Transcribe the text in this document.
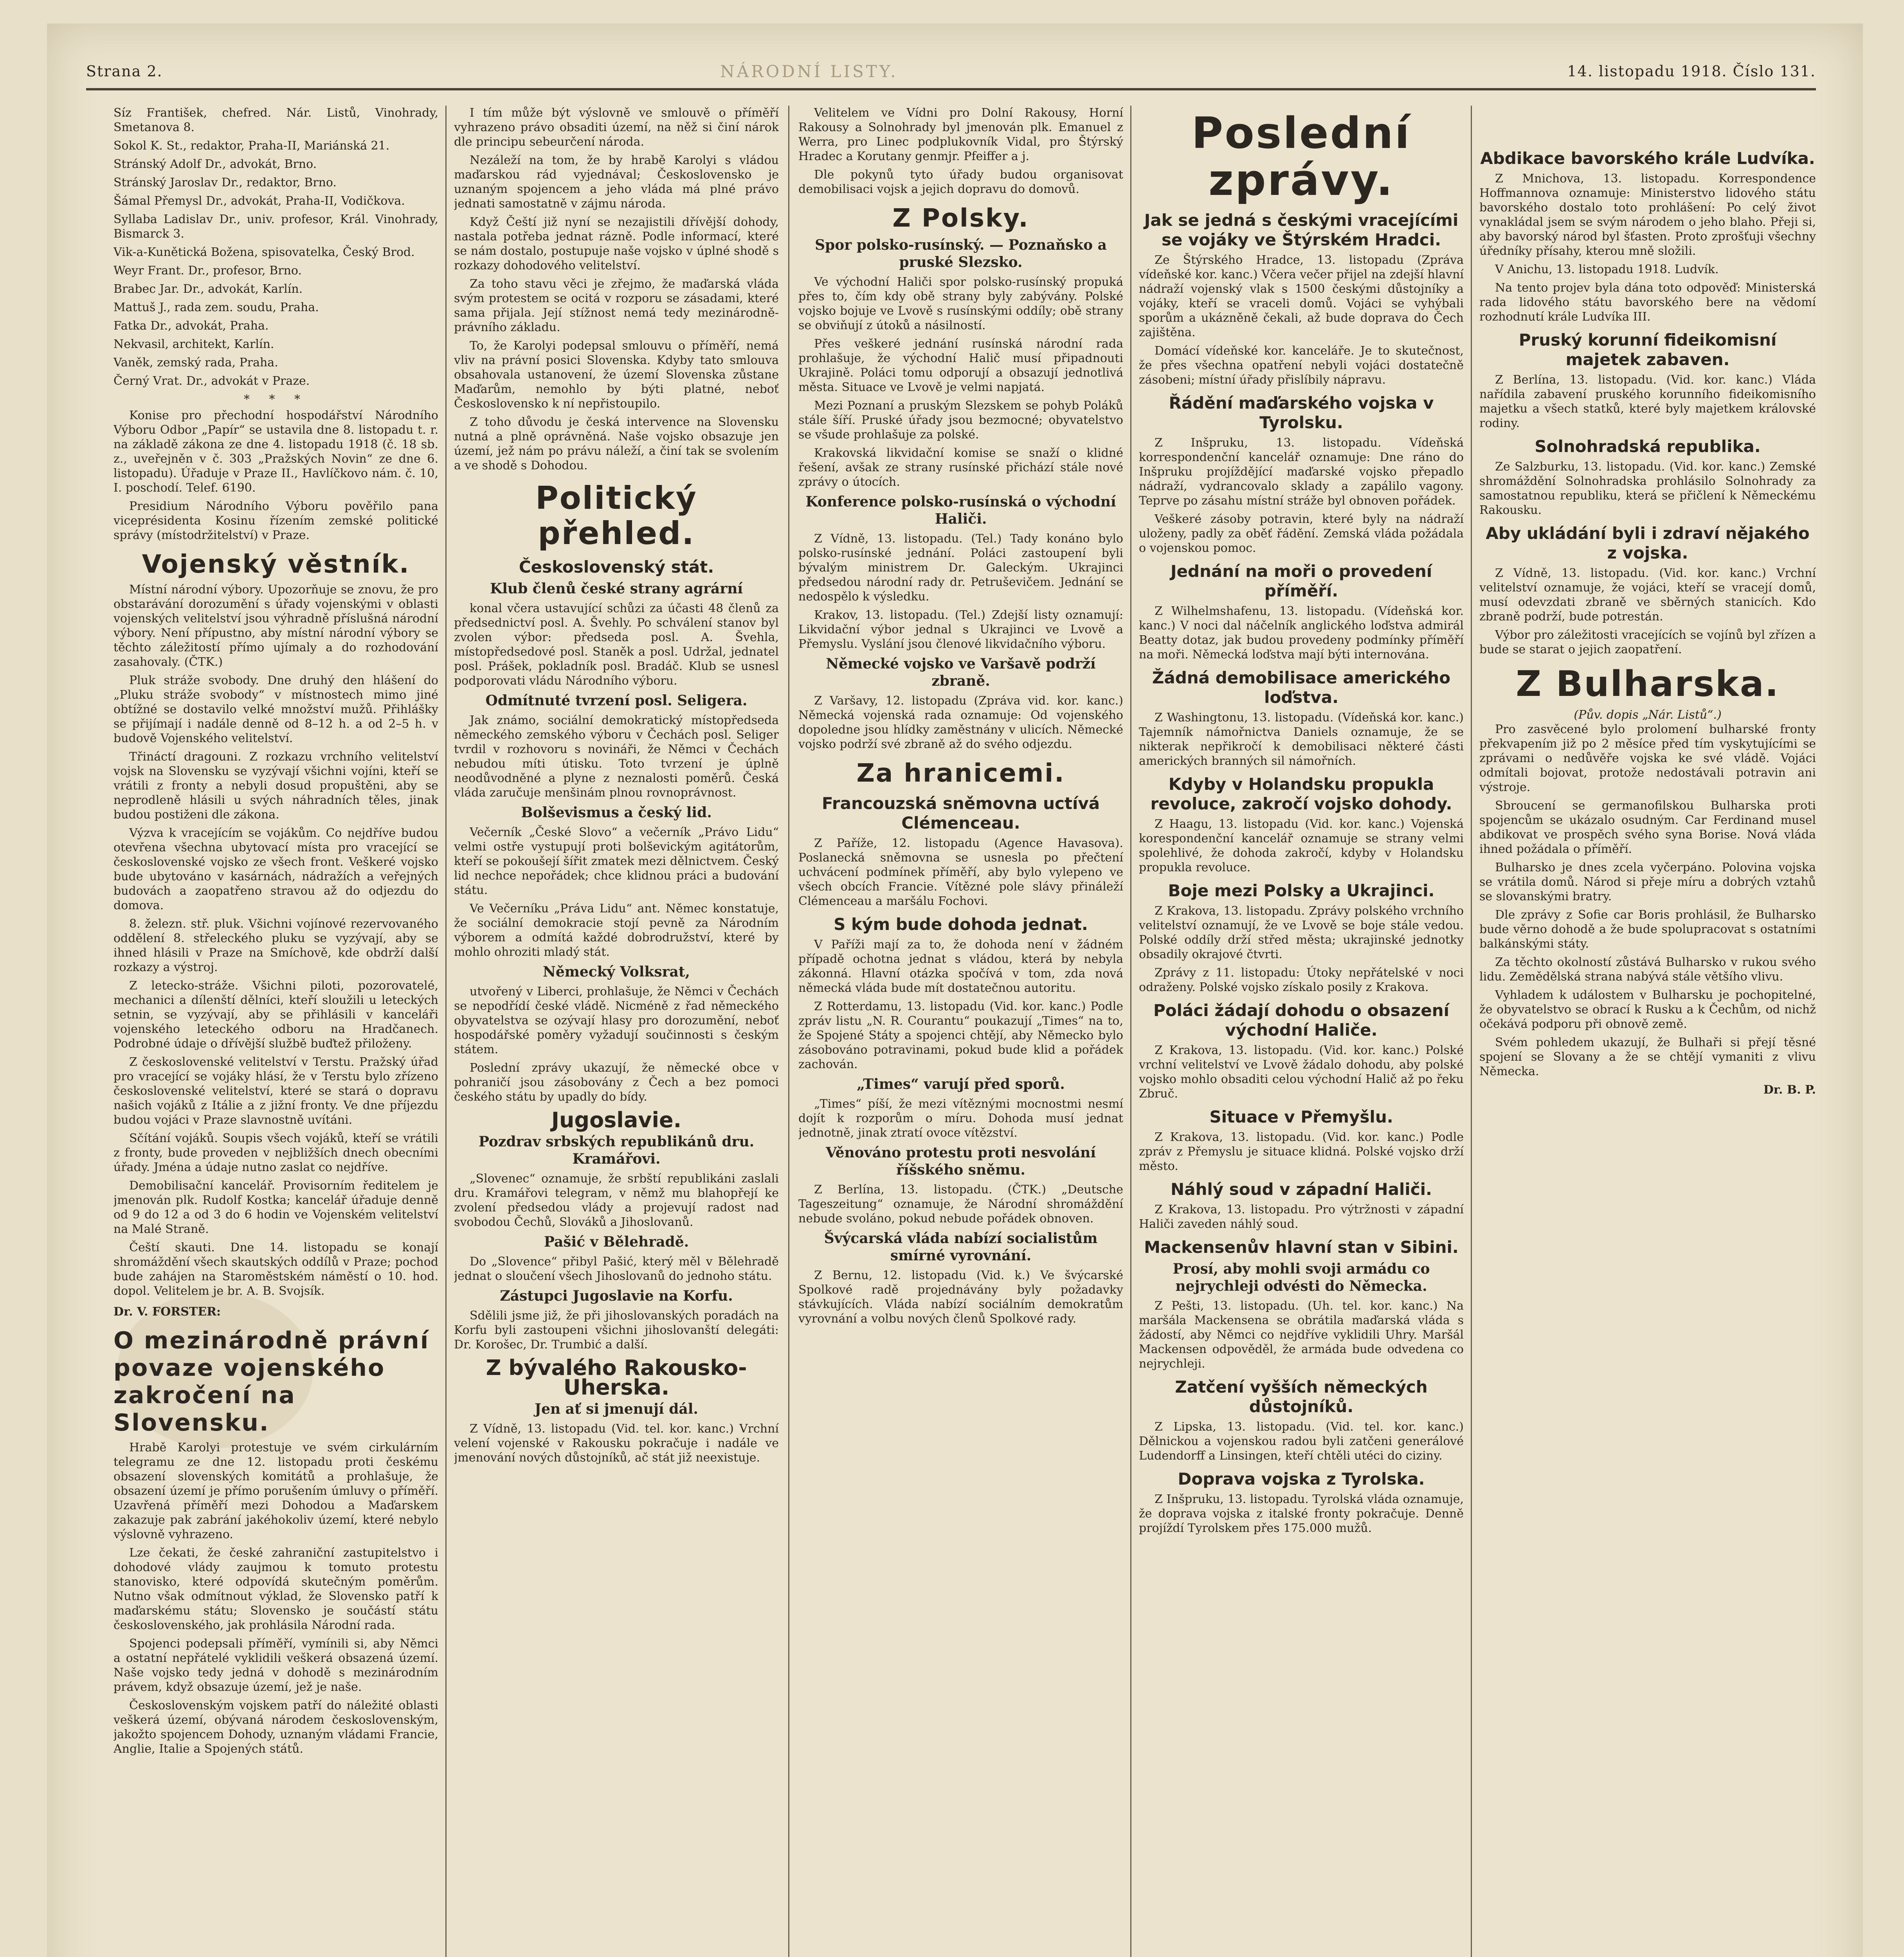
Strana 2.	NÁRODNÍ LISTY.	14. listopadu 1918. Číslo 131.

Síz František, chefred. Nár. Listů, Vinohrady, Smetanova 8.

Sokol K. St., redaktor, Praha-II, Mariánská 21.

Stránský Adolf Dr., advokát, Brno.

Stránský Jaroslav Dr., redaktor, Brno.

Šámal Přemysl Dr., advokát, Praha-II, Vodičkova.

Syllaba Ladislav Dr., univ. profesor, Král. Vinohrady, Bismarck 3.

Vik-a-Kunětická Božena, spisovatelka, Český Brod.

Weyr Frant. Dr., profesor, Brno.

Brabec Jar. Dr., advokát, Karlín.

Mattuš J., rada zem. soudu, Praha.

Fatka Dr., advokát, Praha.

Nekvasil, architekt, Karlín.

Vaněk, zemský rada, Praha.

Černý Vrat. Dr., advokát v Praze.

* * *

Konise pro přechodní hospodářství Národního Výboru Odbor „Papír“ se ustavila dne 8. listopadu t. r. na základě zákona ze dne 4. listopadu 1918 (č. 18 sb. z., uveřejněn v č. 303 „Pražských Novin“ ze dne 6. listopadu). Úřaduje v Praze II., Havlíčkovo nám. č. 10, I. poschodí. Telef. 6190.

Presidium Národního Výboru pověřilo pana viceprésidenta Kosinu řízením zemské politické správy (místodržitelství) v Praze.

Vojenský věstník.

Místní národní výbory. Upozorňuje se znovu, že pro obstarávání dorozumění s úřady vojenskými v oblasti vojenských velitelství jsou výhradně příslušná národní výbory. Není přípustno, aby místní národní výbory se těchto záležitostí přímo ujímaly a do rozhodování zasahovaly. (ČTK.)

Pluk stráže svobody. Dne druhý den hlášení do „Pluku stráže svobody“ v místnostech mimo jiné obtížné se dostavilo velké množství mužů. Přihlášky se přijímají i nadále denně od 8–12 h. a od 2–5 h. v budově Vojenského velitelství.

Třináctí dragouni. Z rozkazu vrchního velitelství vojsk na Slovensku se vyzývají všichni vojíni, kteří se vrátili z fronty a nebyli dosud propuštěni, aby se neprodleně hlásili u svých náhradních těles, jinak budou postiženi dle zákona.

Výzva k vracejícím se vojákům. Co nejdříve budou otevřena všechna ubytovací místa pro vracející se československé vojsko ze všech front. Veškeré vojsko bude ubytováno v kasárnách, nádražích a veřejných budovách a zaopatřeno stravou až do odjezdu do domova.

8. železn. stř. pluk. Všichni vojínové rezervovaného oddělení 8. střeleckého pluku se vyzývají, aby se ihned hlásili v Praze na Smíchově, kde obdrží další rozkazy a výstroj.

Z letecko-stráže. Všichni piloti, pozorovatelé, mechanici a dílenští dělníci, kteří sloužili u leteckých setnin, se vyzývají, aby se přihlásili v kanceláři vojenského leteckého odboru na Hradčanech. Podrobné údaje o dřívější službě buďtež přiloženy.

Z československé velitelství v Terstu. Pražský úřad pro vracející se vojáky hlásí, že v Terstu bylo zřízeno československé velitelství, které se stará o dopravu našich vojáků z Itálie a z jižní fronty. Ve dne příjezdu budou vojáci v Praze slavnostně uvítáni.

Sčítání vojáků. Soupis všech vojáků, kteří se vrátili z fronty, bude proveden v nejbližších dnech obecními úřady. Jména a údaje nutno zaslat co nejdříve.

Demobilisační kancelář. Provisorním ředitelem je jmenován plk. Rudolf Kostka; kancelář úřaduje denně od 9 do 12 a od 3 do 6 hodin ve Vojenském velitelství na Malé Straně.

Čeští skauti. Dne 14. listopadu se konají shromáždění všech skautských oddílů v Praze; pochod bude zahájen na Staroměstském náměstí o 10. hod. dopol. Velitelem je br. A. B. Svojsík.

Dr. V. FORSTER:
O mezinárodně právní povaze vojenského zakročení na Slovensku.

Hrabě Karolyi protestuje ve svém cirkulárním telegramu ze dne 12. listopadu proti českému obsazení slovenských komitátů a prohlašuje, že obsazení území je přímo porušením úmluvy o příměří. Uzavřená příměří mezi Dohodou a Maďarskem zakazuje pak zabrání jakéhokoliv území, které nebylo výslovně vyhrazeno.

Lze čekati, že české zahraniční zastupitelstvo i dohodové vlády zaujmou k tomuto protestu stanovisko, které odpovídá skutečným poměrům. Nutno však odmítnout výklad, že Slovensko patří k maďarskému státu; Slovensko je součástí státu československého, jak prohlásila Národní rada.

Spojenci podepsali příměří, vymínili si, aby Němci a ostatní nepřátelé vyklidili veškerá obsazená území. Naše vojsko tedy jedná v dohodě s mezinárodním právem, když obsazuje území, jež je naše.

Československým vojskem patří do náležité oblasti veškerá území, obývaná národem československým, jakožto spojencem Dohody, uznaným vládami Francie, Anglie, Italie a Spojených států.

I tím může být výslovně ve smlouvě o příměří vyhrazeno právo obsaditi území, na něž si činí nárok dle principu sebeurčení národa.

Nezáleží na tom, že by hrabě Karolyi s vládou maďarskou rád vyjednával; Československo je uznaným spojencem a jeho vláda má plné právo jednati samostatně v zájmu národa.

Když Čeští již nyní se nezajistili dřívější dohody, nastala potřeba jednat rázně. Podle informací, které se nám dostalo, postupuje naše vojsko v úplné shodě s rozkazy dohodového velitelství.

Za toho stavu věci je zřejmo, že maďarská vláda svým protestem se ocitá v rozporu se zásadami, které sama přijala. Její stížnost nemá tedy mezinárodně-právního základu.

To, že Karolyi podepsal smlouvu o příměří, nemá vliv na právní posici Slovenska. Kdyby tato smlouva obsahovala ustanovení, že území Slovenska zůstane Maďarům, nemohlo by býti platné, neboť Československo k ní nepřistoupilo.

Z toho důvodu je česká intervence na Slovensku nutná a plně oprávněná. Naše vojsko obsazuje jen území, jež nám po právu náleží, a činí tak se svolením a ve shodě s Dohodou.

Politický přehled.
Československý stát.
Klub členů české strany agrární

konal včera ustavující schůzi za účasti 48 členů za předsednictví posl. A. Švehly. Po schválení stanov byl zvolen výbor: předseda posl. A. Švehla, místopředsedové posl. Staněk a posl. Udržal, jednatel posl. Prášek, pokladník posl. Bradáč. Klub se usnesl podporovati vládu Národního výboru.

Odmítnuté tvrzení posl. Seligera.

Jak známo, sociální demokratický místopředseda německého zemského výboru v Čechách posl. Seliger tvrdil v rozhovoru s novináři, že Němci v Čechách nebudou míti útisku. Toto tvrzení je úplně neodůvodněné a plyne z neznalosti poměrů. Česká vláda zaručuje menšinám plnou rovnoprávnost.

Bolševismus a český lid.

Večerník „České Slovo“ a večerník „Právo Lidu“ velmi ostře vystupují proti bolševickým agitátorům, kteří se pokoušejí šířit zmatek mezi dělnictvem. Český lid nechce nepořádek; chce klidnou práci a budování státu.

Ve Večerníku „Práva Lidu“ ant. Němec konstatuje, že sociální demokracie stojí pevně za Národním výborem a odmítá každé dobrodružství, které by mohlo ohroziti mladý stát.

Německý Volksrat,

utvořený v Liberci, prohlašuje, že Němci v Čechách se nepodřídí české vládě. Nicméně z řad německého obyvatelstva se ozývají hlasy pro dorozumění, neboť hospodářské poměry vyžadují součinnosti s českým státem.

Poslední zprávy ukazují, že německé obce v pohraničí jsou zásobovány z Čech a bez pomoci českého státu by upadly do bídy.

Jugoslavie.
Pozdrav srbských republikánů dru. Kramářovi.

„Slovenec“ oznamuje, že srbští republikáni zaslali dru. Kramářovi telegram, v němž mu blahopřejí ke zvolení předsedou vlády a projevují radost nad svobodou Čechů, Slováků a Jihoslovanů.

Pašić v Bělehradě.

Do „Slovence“ přibyl Pašić, který měl v Bělehradě jednat o sloučení všech Jihoslovanů do jednoho státu.

Zástupci Jugoslavie na Korfu.

Sdělili jsme již, že při jihoslovanských poradách na Korfu byli zastoupeni všichni jihoslovanští delegáti: Dr. Korošec, Dr. Trumbić a další.

Z bývalého Rakousko-Uherska.
Jen ať si jmenují dál.

Z Vídně, 13. listopadu (Vid. tel. kor. kanc.) Vrchní velení vojenské v Rakousku pokračuje i nadále ve jmenování nových důstojníků, ač stát již neexistuje.

Velitelem ve Vídni pro Dolní Rakousy, Horní Rakousy a Solnohrady byl jmenován plk. Emanuel z Werra, pro Linec podplukovník Vidal, pro Štýrský Hradec a Korutany genmjr. Pfeiffer a j.

Dle pokynů tyto úřady budou organisovat demobilisaci vojsk a jejich dopravu do domovů.

Z Polsky.
Spor polsko-rusínský. — Poznaňsko a pruské Slezsko.

Ve východní Haliči spor polsko-rusínský propuká přes to, čím kdy obě strany byly zabývány. Polské vojsko bojuje ve Lvově s rusínskými oddíly; obě strany se obviňují z útoků a násilností.

Přes veškeré jednání rusínská národní rada prohlašuje, že východní Halič musí připadnouti Ukrajině. Poláci tomu odporují a obsazují jednotlivá města. Situace ve Lvově je velmi napjatá.

Mezi Poznaní a pruským Slezskem se pohyb Poláků stále šíří. Pruské úřady jsou bezmocné; obyvatelstvo se všude prohlašuje za polské.

Krakovská likvidační komise se snaží o klidné řešení, avšak ze strany rusínské přichází stále nové zprávy o útocích.

Konference polsko-rusínská o východní Haliči.

Z Vídně, 13. listopadu. (Tel.) Tady konáno bylo polsko-rusínské jednání. Poláci zastoupení byli bývalým ministrem Dr. Galeckým. Ukrajinci předsedou národní rady dr. Petruševičem. Jednání se nedospělo k výsledku.

Krakov, 13. listopadu. (Tel.) Zdejší listy oznamují: Likvidační výbor jednal s Ukrajinci ve Lvově a Přemyslu. Vyslání jsou členové likvidačního výboru.

Německé vojsko ve Varšavě podrží zbraně.

Z Varšavy, 12. listopadu (Zpráva vid. kor. kanc.) Německá vojenská rada oznamuje: Od vojenského dopoledne jsou hlídky zaměstnány v ulicích. Německé vojsko podrží své zbraně až do svého odjezdu.

Za hranicemi.
Francouzská sněmovna uctívá Clémenceau.

Z Paříže, 12. listopadu (Agence Havasova). Poslanecká sněmovna se usnesla po přečtení uchvácení podmínek příměří, aby bylo vylepeno ve všech obcích Francie. Vítězné pole slávy přináleží Clémenceau a maršálu Fochovi.

S kým bude dohoda jednat.

V Paříži mají za to, že dohoda není v žádném případě ochotna jednat s vládou, která by nebyla zákonná. Hlavní otázka spočívá v tom, zda nová německá vláda bude mít dostatečnou autoritu.

Z Rotterdamu, 13. listopadu (Vid. kor. kanc.) Podle zpráv listu „N. R. Courantu“ poukazují „Times“ na to, že Spojené Státy a spojenci chtějí, aby Německo bylo zásobováno potravinami, pokud bude klid a pořádek zachován.

„Times“ varují před sporů.

„Times“ píší, že mezi vítěznými mocnostmi nesmí dojít k rozporům o míru. Dohoda musí jednat jednotně, jinak ztratí ovoce vítězství.

Věnováno protestu proti nesvolání říšského sněmu.

Z Berlína, 13. listopadu. (ČTK.) „Deutsche Tageszeitung“ oznamuje, že Národní shromáždění nebude svoláno, pokud nebude pořádek obnoven.

Švýcarská vláda nabízí socialistům smírné vyrovnání.

Z Bernu, 12. listopadu (Vid. k.) Ve švýcarské Spolkové radě projednávány byly požadavky stávkujících. Vláda nabízí sociálním demokratům vyrovnání a volbu nových členů Spolkové rady.

Poslední zprávy.
Jak se jedná s českými vracejícími se vojáky ve Štýrském Hradci.

Ze Štýrského Hradce, 13. listopadu (Zpráva vídeňské kor. kanc.) Včera večer přijel na zdejší hlavní nádraží vojenský vlak s 1500 českými důstojníky a vojáky, kteří se vraceli domů. Vojáci se vyhýbali sporům a ukázněně čekali, až bude doprava do Čech zajištěna.

Domácí vídeňské kor. kanceláře. Je to skutečnost, že přes všechna opatření nebyli vojáci dostatečně zásobeni; místní úřady přislíbily nápravu.

Řádění maďarského vojska v Tyrolsku.

Z Inšpruku, 13. listopadu. Vídeňská korrespondenční kancelář oznamuje: Dne ráno do Inšpruku projíždějící maďarské vojsko přepadlo nádraží, vydrancovalo sklady a zapálilo vagony. Teprve po zásahu místní stráže byl obnoven pořádek.

Veškeré zásoby potravin, které byly na nádraží uloženy, padly za oběť řádění. Zemská vláda požádala o vojenskou pomoc.

Jednání na moři o provedení příměří.

Z Wilhelmshafenu, 13. listopadu. (Vídeňská kor. kanc.) V noci dal náčelník anglického loďstva admirál Beatty dotaz, jak budou provedeny podmínky příměří na moři. Německá loďstva mají býti internována.

Žádná demobilisace amerického loďstva.

Z Washingtonu, 13. listopadu. (Vídeňská kor. kanc.) Tajemník námořnictva Daniels oznamuje, že se nikterak nepřikročí k demobilisaci některé části amerických branných sil námořních.

Kdyby v Holandsku propukla revoluce, zakročí vojsko dohody.

Z Haagu, 13. listopadu (Vid. kor. kanc.) Vojenská korespondenční kancelář oznamuje se strany velmi spolehlivé, že dohoda zakročí, kdyby v Holandsku propukla revoluce.

Boje mezi Polsky a Ukrajinci.

Z Krakova, 13. listopadu. Zprávy polského vrchního velitelství oznamují, že ve Lvově se boje stále vedou. Polské oddíly drží střed města; ukrajinské jednotky obsadily okrajové čtvrti.

Zprávy z 11. listopadu: Útoky nepřátelské v noci odraženy. Polské vojsko získalo posily z Krakova.

Poláci žádají dohodu o obsazení východní Haliče.

Z Krakova, 13. listopadu. (Vid. kor. kanc.) Polské vrchní velitelství ve Lvově žádalo dohodu, aby polské vojsko mohlo obsaditi celou východní Halič až po řeku Zbruč.

Situace v Přemyšlu.

Z Krakova, 13. listopadu. (Vid. kor. kanc.) Podle zpráv z Přemyslu je situace klidná. Polské vojsko drží město.

Náhlý soud v západní Haliči.

Z Krakova, 13. listopadu. Pro výtržnosti v západní Haliči zaveden náhlý soud.

Mackensenův hlavní stan v Sibini.
Prosí, aby mohli svoji armádu co nejrychleji odvésti do Německa.

Z Pešti, 13. listopadu. (Uh. tel. kor. kanc.) Na maršála Mackensena se obrátila maďarská vláda s žádostí, aby Němci co nejdříve vyklidili Uhry. Maršál Mackensen odpověděl, že armáda bude odvedena co nejrychleji.

Zatčení vyšších německých důstojníků.

Z Lipska, 13. listopadu. (Vid. tel. kor. kanc.) Dělnickou a vojenskou radou byli zatčeni generálové Ludendorff a Linsingen, kteří chtěli utéci do ciziny.

Doprava vojska z Tyrolska.

Z Inšpruku, 13. listopadu. Tyrolská vláda oznamuje, že doprava vojska z italské fronty pokračuje. Denně projíždí Tyrolskem přes 175.000 mužů.

Abdikace bavorského krále Ludvíka.

Z Mnichova, 13. listopadu. Korrespondence Hoffmannova oznamuje: Ministerstvo lidového státu bavorského dostalo toto prohlášení: Po celý život vynakládal jsem se svým národem o jeho blaho. Přeji si, aby bavorský národ byl šťasten. Proto zprošťuji všechny úředníky přísahy, kterou mně složili.

V Anichu, 13. listopadu 1918. Ludvík.

Na tento projev byla dána toto odpověď: Ministerská rada lidového státu bavorského bere na vědomí rozhodnutí krále Ludvíka III.

Pruský korunní fideikomisní majetek zabaven.

Z Berlína, 13. listopadu. (Vid. kor. kanc.) Vláda nařídila zabavení pruského korunního fideikomisního majetku a všech statků, které byly majetkem královské rodiny.

Solnohradská republika.

Ze Salzburku, 13. listopadu. (Vid. kor. kanc.) Zemské shromáždění Solnohradska prohlásilo Solnohrady za samostatnou republiku, která se přičlení k Německému Rakousku.

Aby ukládání byli i zdraví nějakého z vojska.

Z Vídně, 13. listopadu. (Vid. kor. kanc.) Vrchní velitelství oznamuje, že vojáci, kteří se vracejí domů, musí odevzdati zbraně ve sběrných stanicích. Kdo zbraně podrží, bude potrestán.

Výbor pro záležitosti vracejících se vojínů byl zřízen a bude se starat o jejich zaopatření.

Z Bulharska.
(Pův. dopis „Nár. Listů“.)

Pro zasvěcené bylo prolomení bulharské fronty překvapením již po 2 měsíce před tím vyskytujícími se zprávami o nedůvěře vojska ke své vládě. Vojáci odmítali bojovat, protože nedostávali potravin ani výstroje.

Sbroucení se germanofilskou Bulharska proti spojencům se ukázalo osudným. Car Ferdinand musel abdikovat ve prospěch svého syna Borise. Nová vláda ihned požádala o příměří.

Bulharsko je dnes zcela vyčerpáno. Polovina vojska se vrátila domů. Národ si přeje míru a dobrých vztahů se slovanskými bratry.

Dle zprávy z Sofie car Boris prohlásil, že Bulharsko bude věrno dohodě a že bude spolupracovat s ostatními balkánskými státy.

Za těchto okolností zůstává Bulharsko v rukou svého lidu. Zemědělská strana nabývá stále většího vlivu.

Vyhladem k událostem v Bulharsku je pochopitelné, že obyvatelstvo se obrací k Rusku a k Čechům, od nichž očekává podporu při obnově země.

Svém pohledem ukazují, že Bulhaři si přejí těsné spojení se Slovany a že se chtějí vymaniti z vlivu Německa.

Dr. B. P.
